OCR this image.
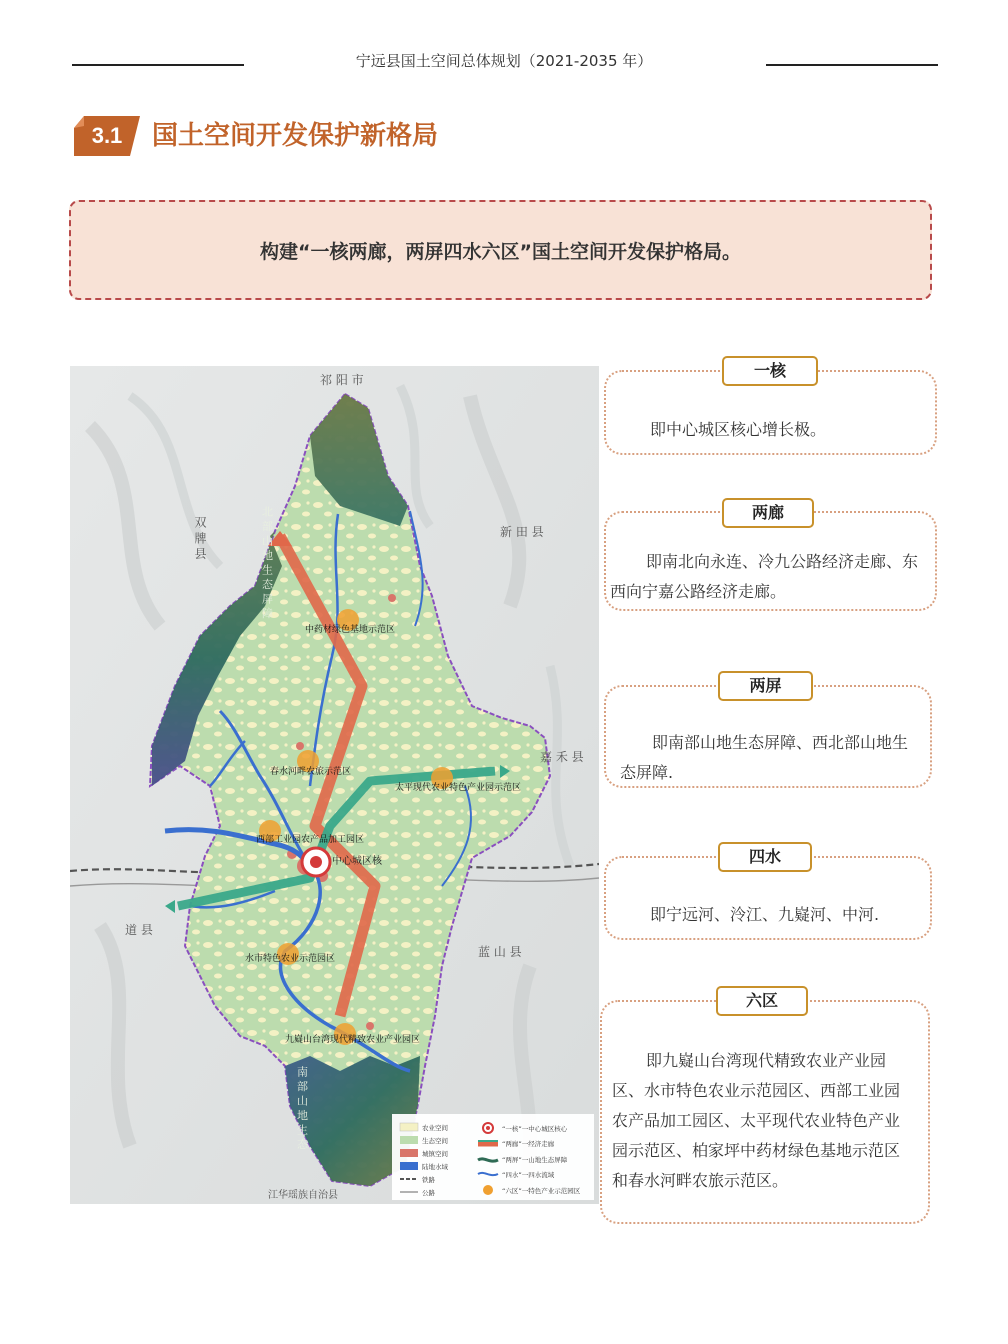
宁远县国土空间总体规划（2021-2035 年）
3.1	国土空间开发保护新格局
构建“一核两廊，两屏四水六区”国土空间开发保护格局。
中心城区核
中药材绿色基地示范区
春水河畔农旅示范区
太平现代农业特色产业园示范区
西部工业园农产品加工园区
水市特色农业示范园区
九嶷山台湾现代精致农业产业园区
祁 阳 市
新 田 县
嘉 禾 县
道 县
蓝 山 县
江华瑶族自治县
双 牌 县	北 部 山 地 生 态 屏 障
南 部 山 地 生 态	农业空间
生态空间
城镇空间
陆地水域
铁路
公路
“一核”一中心城区核心
“两廊”一经济走廊
“两屏”一山地生态屏障
“四水”一四水流域
“六区”一特色产业示范园区
一核
即中心城区核心增长极。
两廊
即南北向永连、冷九公路经济走廊、东西向宁嘉公路经济走廊。
两屏
即南部山地生态屏障、西北部山地生态屏障.
四水
即宁远河、泠江、九嶷河、中河.
六区
即九嶷山台湾现代精致农业产业园区、水市特色农业示范园区、西部工业园农产品加工园区、太平现代农业特色产业园示范区、柏家坪中药材绿色基地示范区和春水河畔农旅示范区。
